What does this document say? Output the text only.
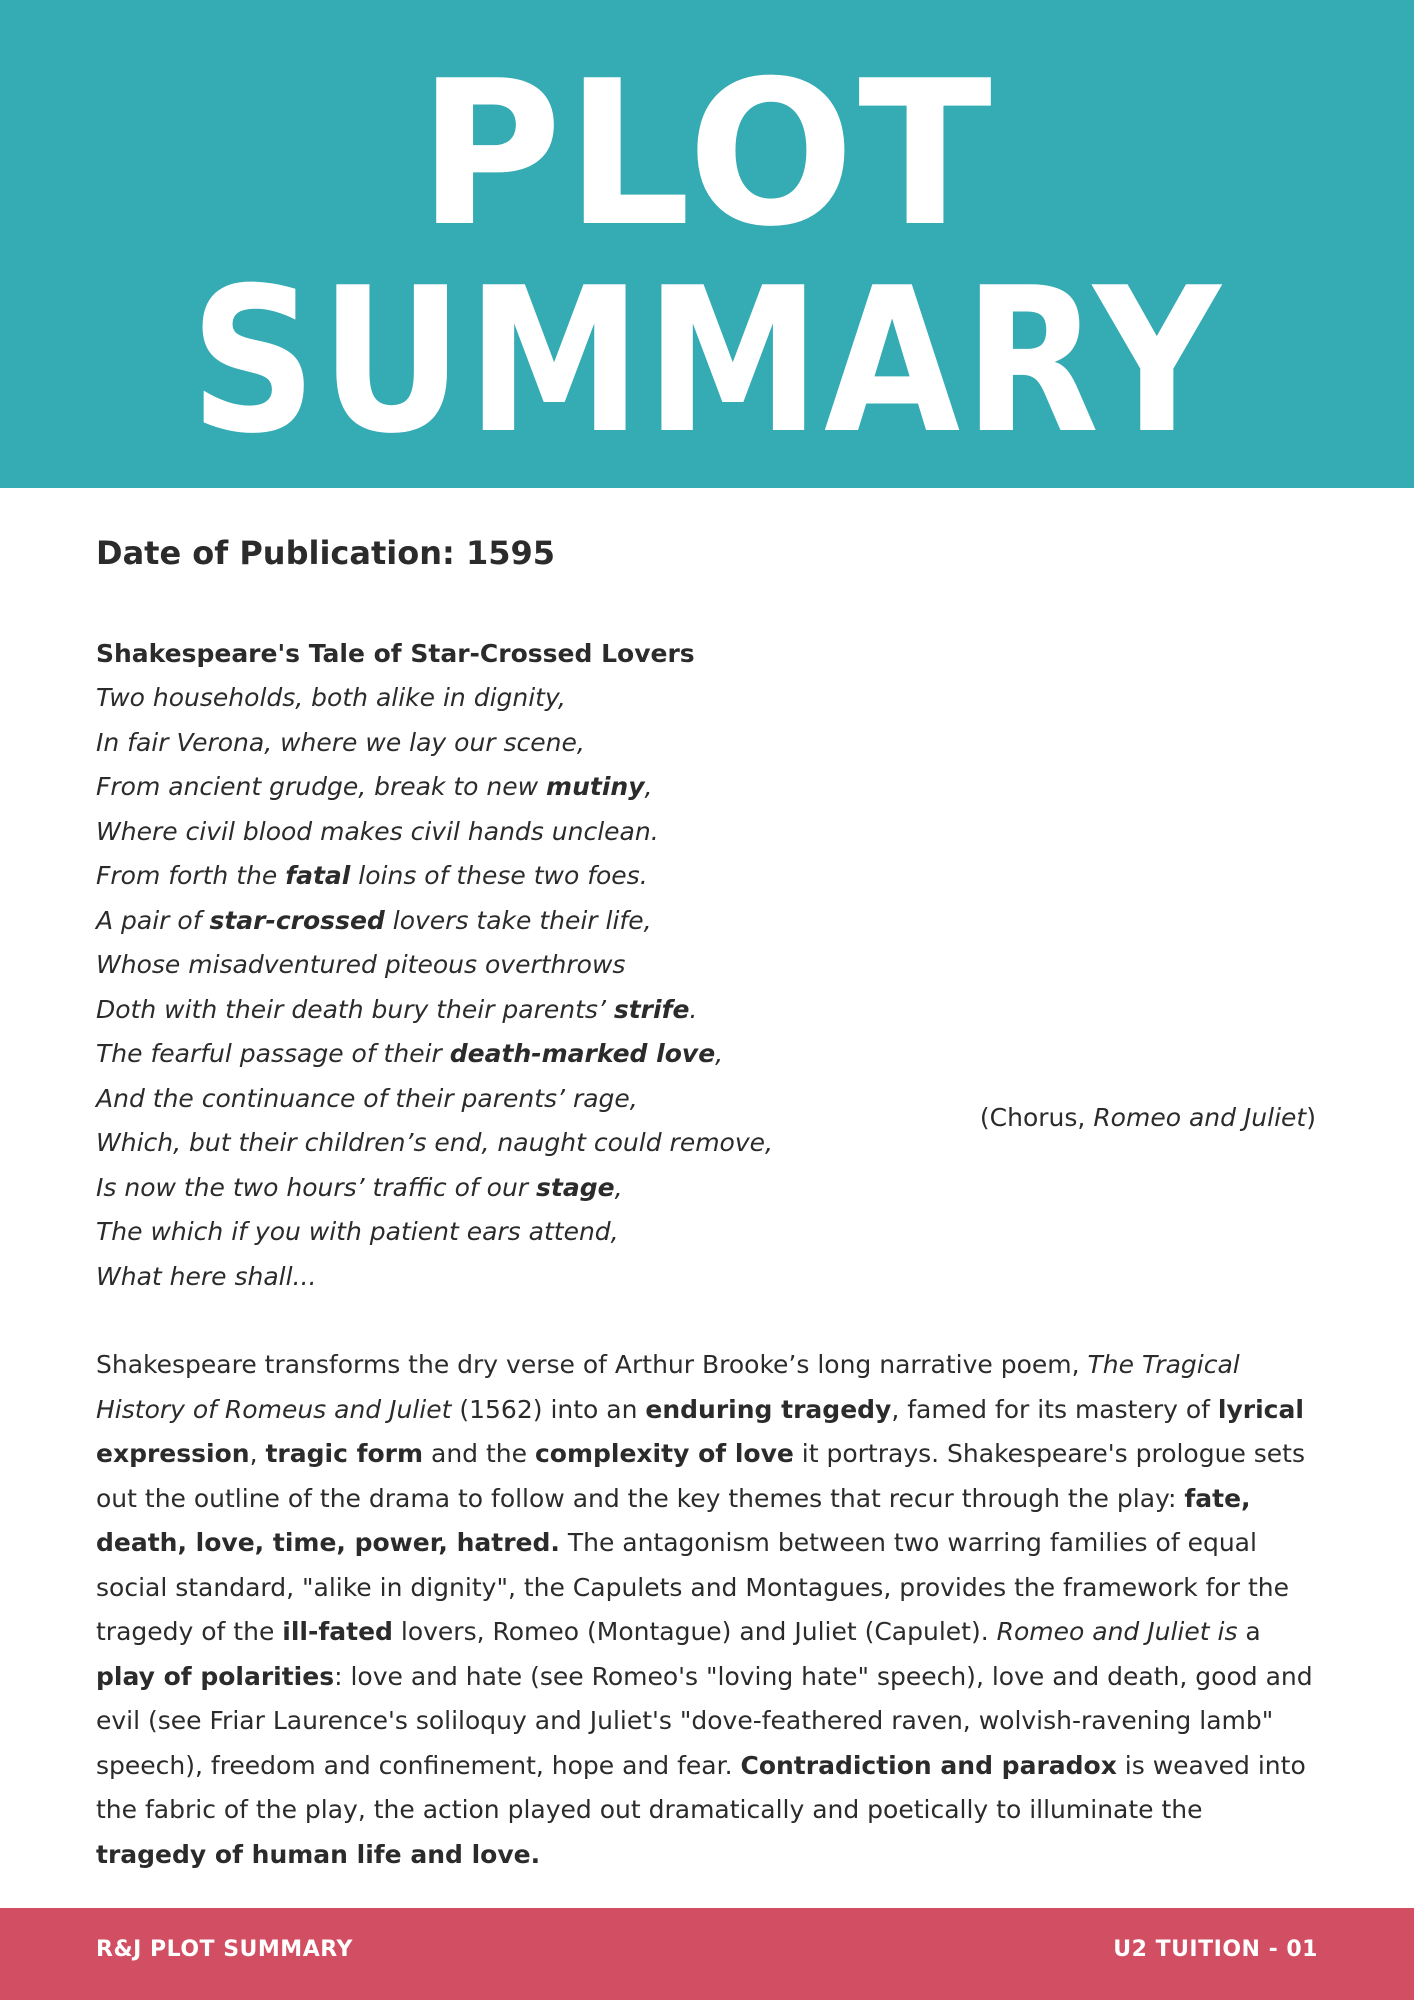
PLOT
SUMMARY
Date of Publication: 1595
Shakespeare's Tale of Star-Crossed Lovers
Two households, both alike in dignity,
In fair Verona, where we lay our scene,
From ancient grudge, break to new mutiny,
Where civil blood makes civil hands unclean.
From forth the fatal loins of these two foes.
A pair of star-crossed lovers take their life,
Whose misadventured piteous overthrows
Doth with their death bury their parents’ strife.
The fearful passage of their death-marked love,
And the continuance of their parents’ rage,
Which, but their children’s end, naught could remove,
Is now the two hours’ traffic of our stage,
The which if you with patient ears attend,
What here shall...
(Chorus, Romeo and Juliet)

Shakespeare transforms the dry verse of Arthur Brooke’s long narrative poem, The Tragical History of Romeus and Juliet (1562) into an enduring tragedy, famed for its mastery of lyrical expression, tragic form and the complexity of love it portrays. Shakespeare's prologue sets out the outline of the drama to follow and the key themes that recur through the play: fate, death, love, time, power, hatred. The antagonism between two warring families of equal social standard, "alike in dignity", the Capulets and Montagues, provides the framework for the tragedy of the ill-fated lovers, Romeo (Montague) and Juliet (Capulet). Romeo and Juliet is a play of polarities: love and hate (see Romeo's "loving hate" speech), love and death, good and evil (see Friar Laurence's soliloquy and Juliet's "dove-feathered raven, wolvish-ravening lamb" speech), freedom and confinement, hope and fear. Contradiction and paradox is weaved into the fabric of the play, the action played out dramatically and poetically to illuminate the tragedy of human life and love.

R&J PLOT SUMMARY	U2 TUITION - 01
